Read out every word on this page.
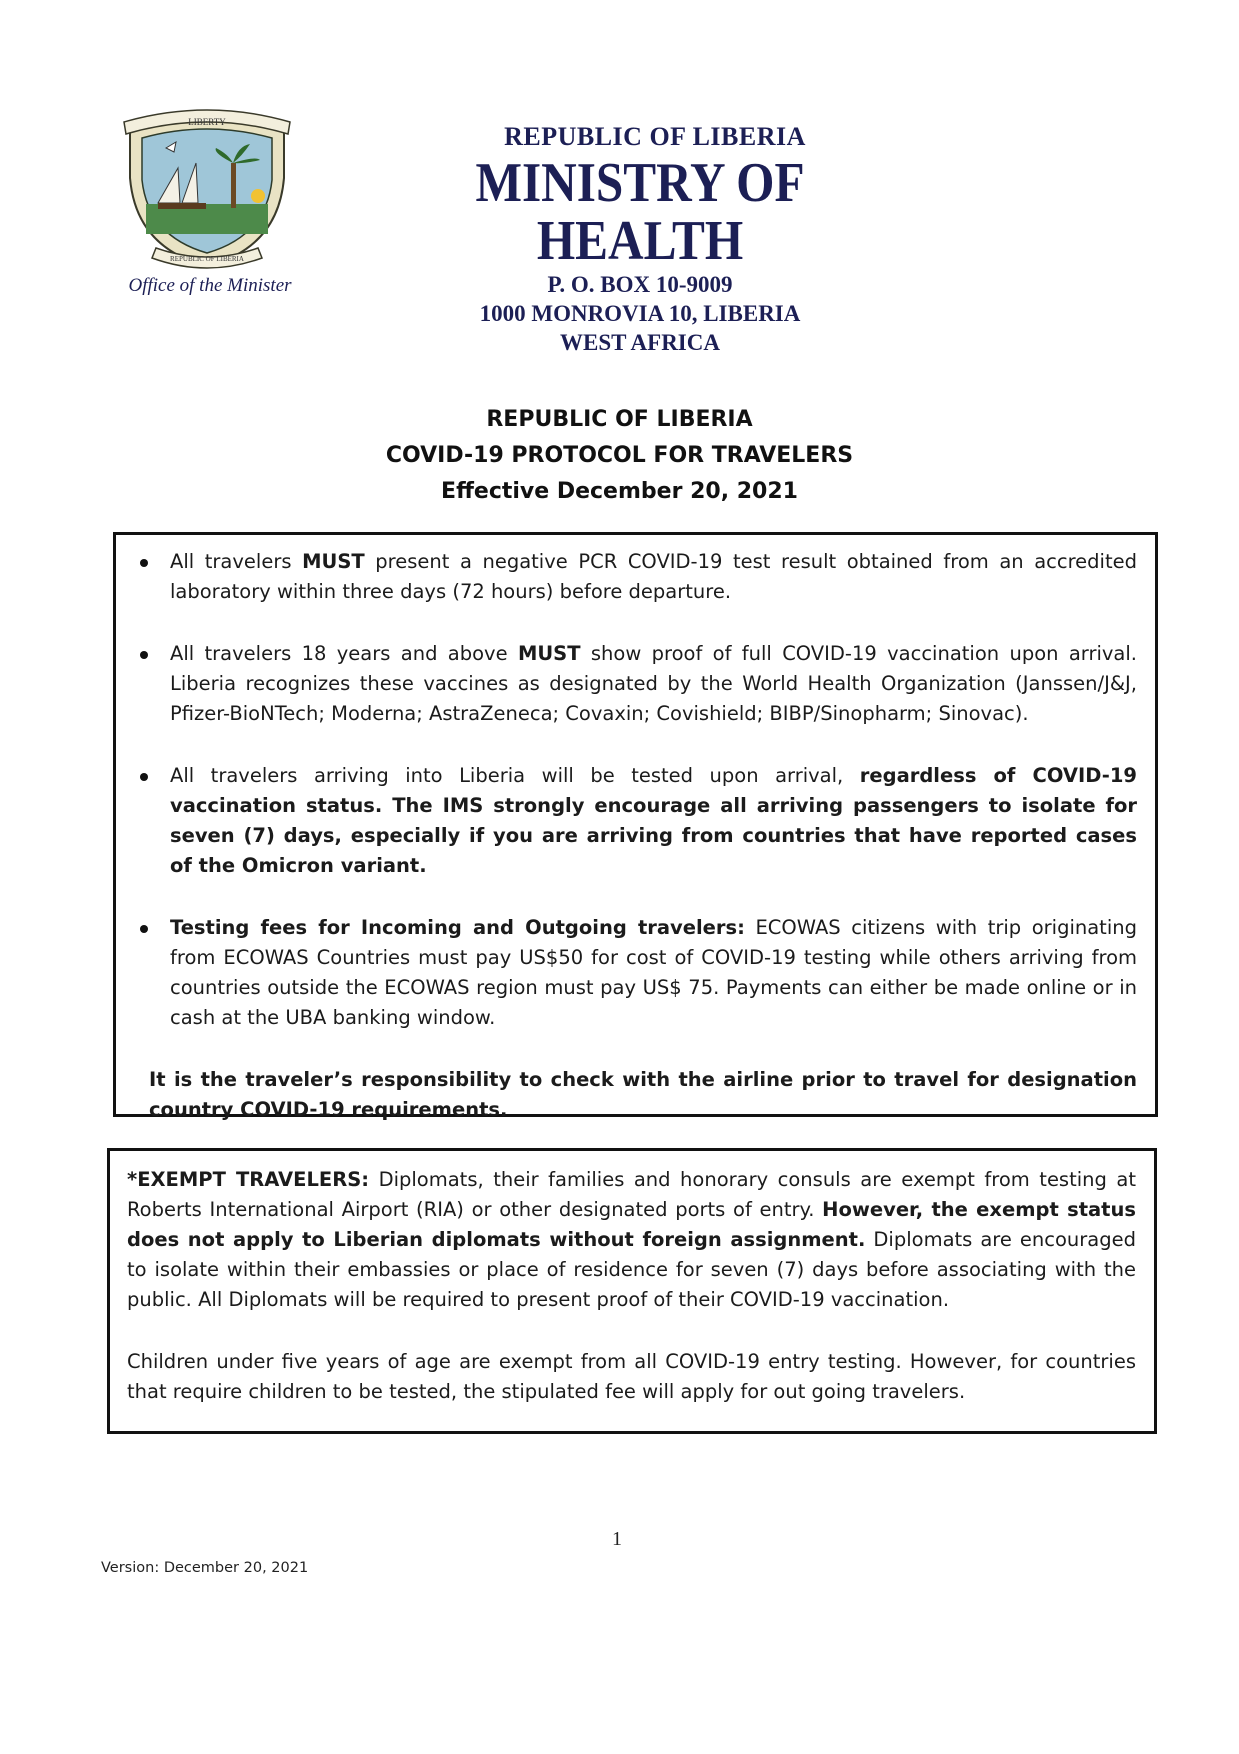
LIBERTY
REPUBLIC OF LIBERIA
Office of the Minister
REPUBLIC OF LIBERIA
MINISTRY OF HEALTH
P. O. BOX 10-9009
1000 MONROVIA 10, LIBERIA
WEST AFRICA
REPUBLIC OF LIBERIA
COVID-19 PROTOCOL FOR TRAVELERS
Effective December 20, 2021
All travelers MUST present a negative PCR COVID-19 test result obtained from an accredited laboratory within three days (72 hours) before departure.
All travelers 18 years and above MUST show proof of full COVID-19 vaccination upon arrival. Liberia recognizes these vaccines as designated by the World Health Organization (Janssen/J&J, Pfizer-BioNTech; Moderna; AstraZeneca; Covaxin; Covishield; BIBP/Sinopharm; Sinovac).
All travelers arriving into Liberia will be tested upon arrival, regardless of COVID-19 vaccination status. The IMS strongly encourage all arriving passengers to isolate for seven (7) days, especially if you are arriving from countries that have reported cases of the Omicron variant.
Testing fees for Incoming and Outgoing travelers: ECOWAS citizens with trip originating from ECOWAS Countries must pay US$50 for cost of COVID-19 testing while others arriving from countries outside the ECOWAS region must pay US$ 75. Payments can either be made online or in cash at the UBA banking window.
It is the traveler’s responsibility to check with the airline prior to travel for designation country COVID-19 requirements.

*EXEMPT TRAVELERS: Diplomats, their families and honorary consuls are exempt from testing at Roberts International Airport (RIA) or other designated ports of entry. However, the exempt status does not apply to Liberian diplomats without foreign assignment. Diplomats are encouraged to isolate within their embassies or place of residence for seven (7) days before associating with the public. All Diplomats will be required to present proof of their COVID-19 vaccination.

Children under five years of age are exempt from all COVID-19 entry testing. However, for countries that require children to be tested, the stipulated fee will apply for out going travelers.

1
Version: December 20, 2021
